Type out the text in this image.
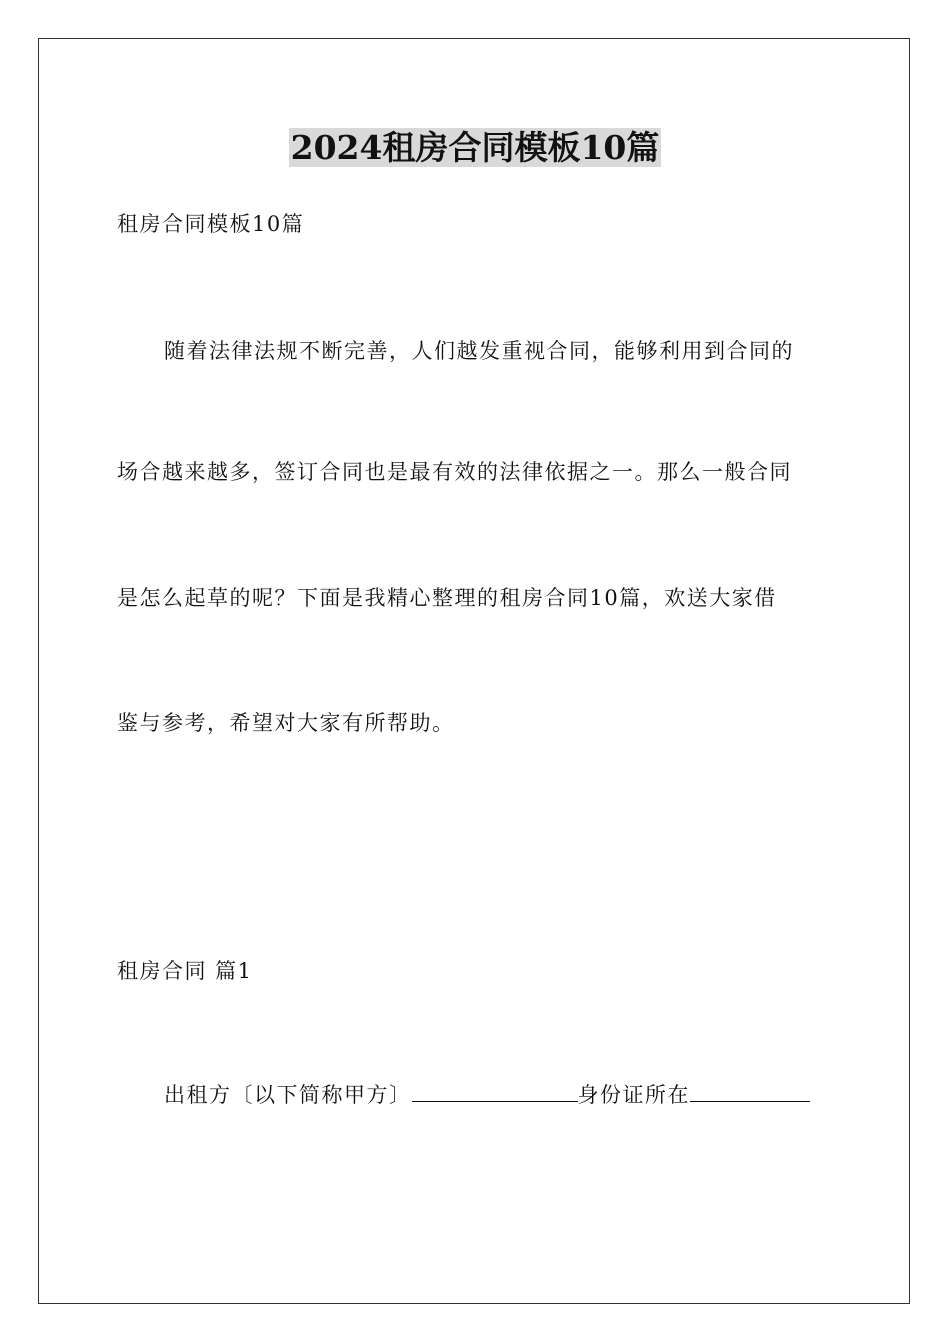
2024租房合同模板10篇
租房合同模板10篇
随着法律法规不断完善，人们越发重视合同，能够利用到合同的
场合越来越多，签订合同也是最有效的法律依据之一。那么一般合同
是怎么起草的呢？下面是我精心整理的租房合同10篇，欢送大家借
鉴与参考，希望对大家有所帮助。
租房合同 篇1
出租方〔以下简称甲方〕	身份证所在
